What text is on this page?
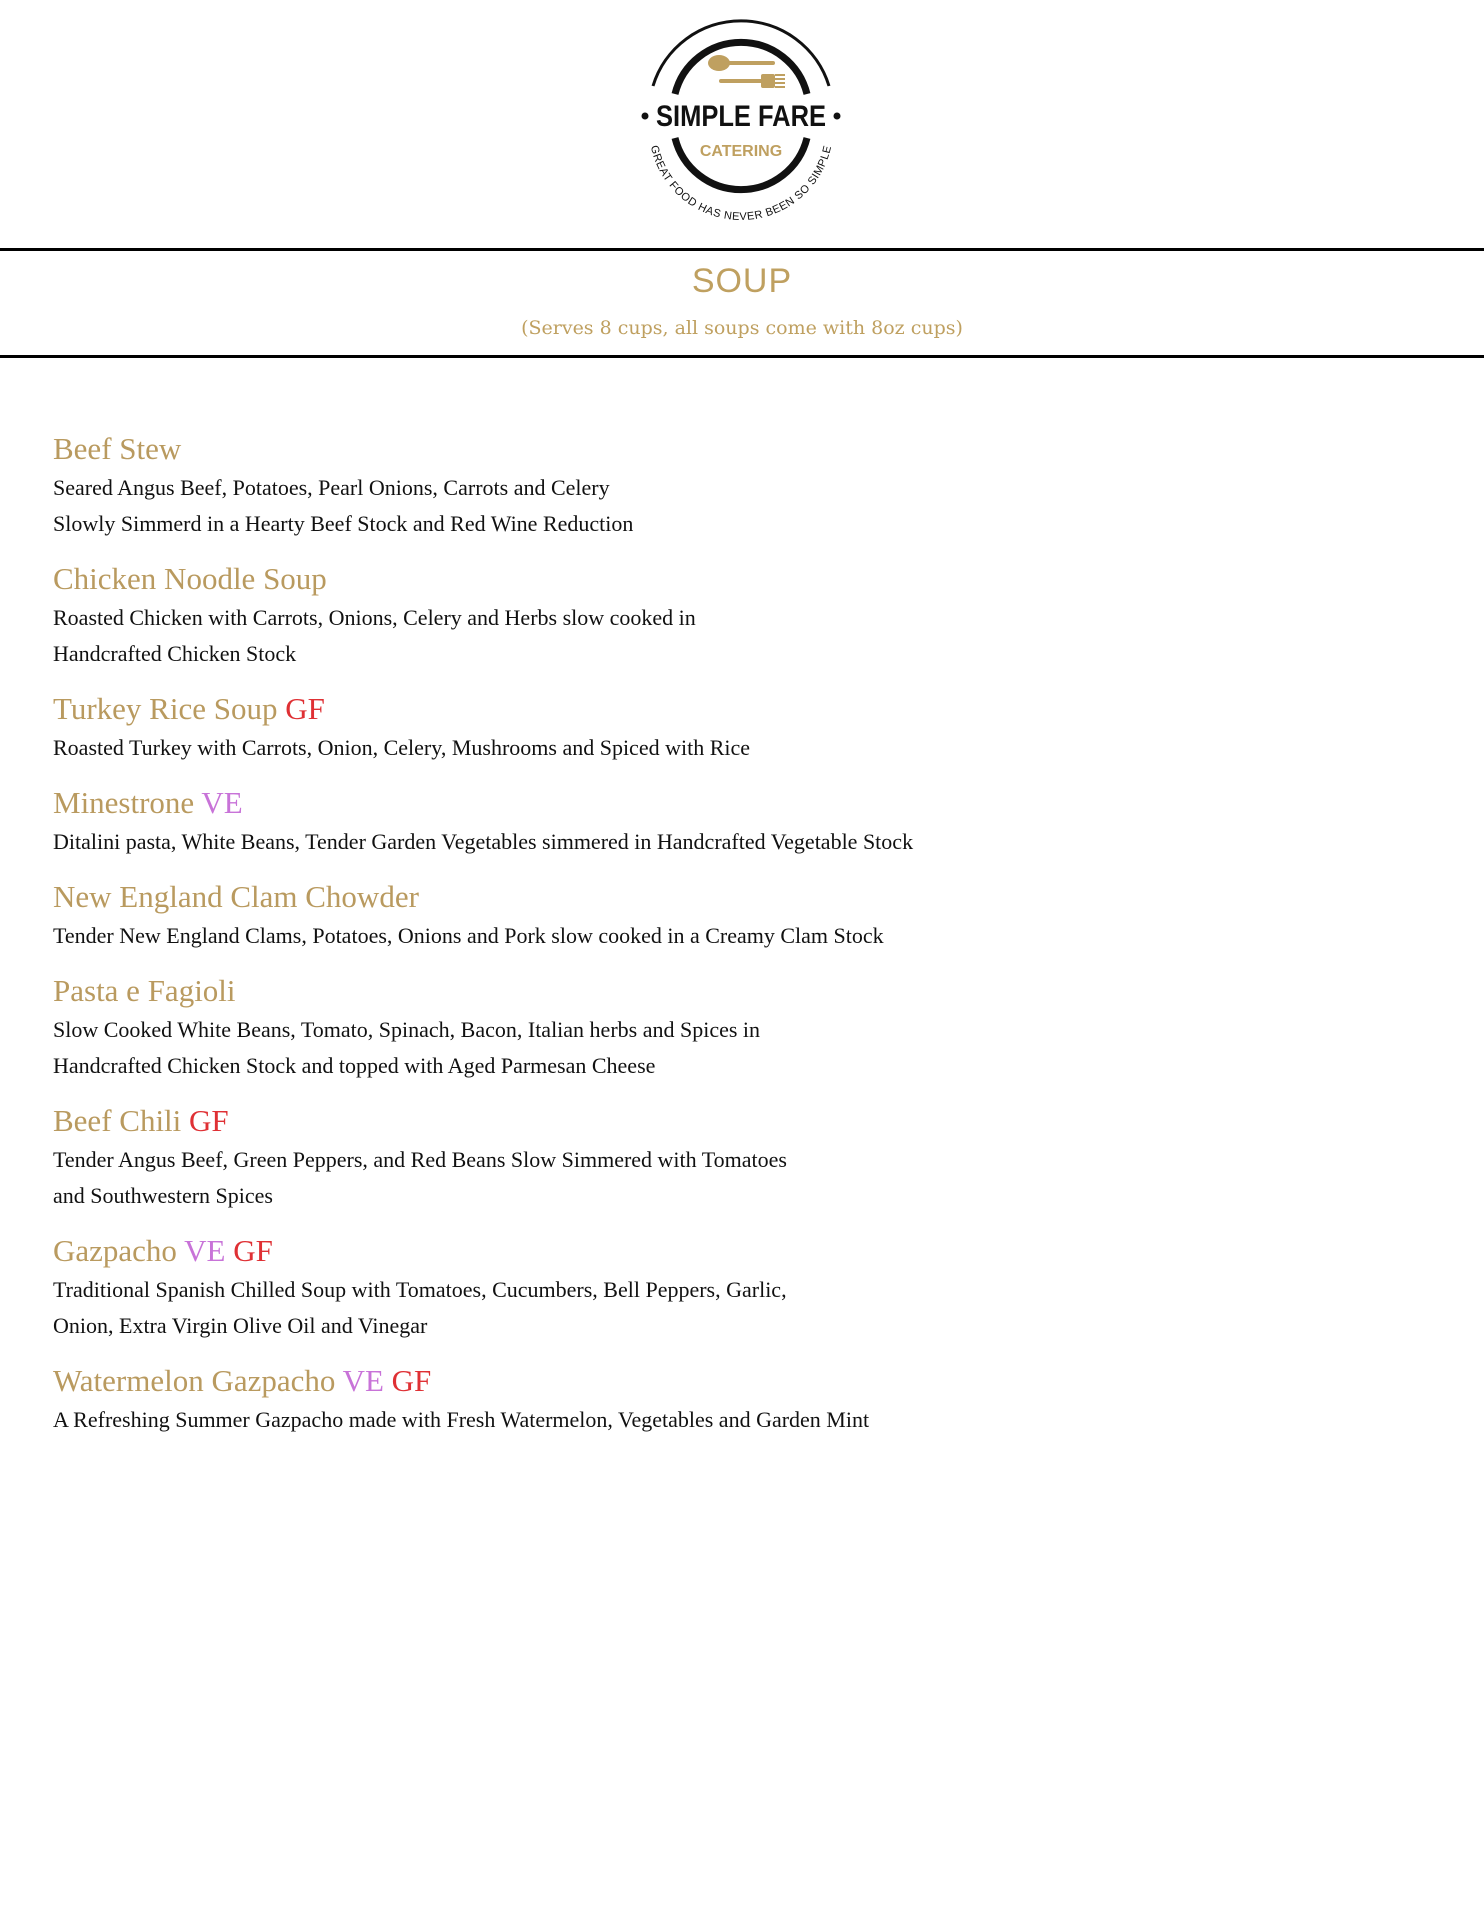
SIMPLE FARE
CATERING
GREAT FOOD HAS NEVER BEEN SO SIMPLE
SOUP
(Serves 8 cups, all soups come with 8oz cups)
Beef Stew
Seared Angus Beef, Potatoes, Pearl Onions, Carrots and Celery
Slowly Simmerd in a Hearty Beef Stock and Red Wine Reduction
Chicken Noodle Soup
Roasted Chicken with Carrots, Onions, Celery and Herbs slow cooked in
Handcrafted Chicken Stock
Turkey Rice Soup GF
Roasted Turkey with Carrots, Onion, Celery, Mushrooms and Spiced with Rice
Minestrone VE
Ditalini pasta, White Beans, Tender Garden Vegetables simmered in Handcrafted Vegetable Stock
New England Clam Chowder
Tender New England Clams, Potatoes, Onions and Pork slow cooked in a Creamy Clam Stock
Pasta e Fagioli
Slow Cooked White Beans, Tomato, Spinach, Bacon, Italian herbs and Spices in
Handcrafted Chicken Stock and topped with Aged Parmesan Cheese
Beef Chili GF
Tender Angus Beef, Green Peppers, and Red Beans Slow Simmered with Tomatoes
and Southwestern Spices
Gazpacho VE GF
Traditional Spanish Chilled Soup with Tomatoes, Cucumbers, Bell Peppers, Garlic,
Onion, Extra Virgin Olive Oil and Vinegar
Watermelon Gazpacho VE GF
A Refreshing Summer Gazpacho made with Fresh Watermelon, Vegetables and Garden Mint
